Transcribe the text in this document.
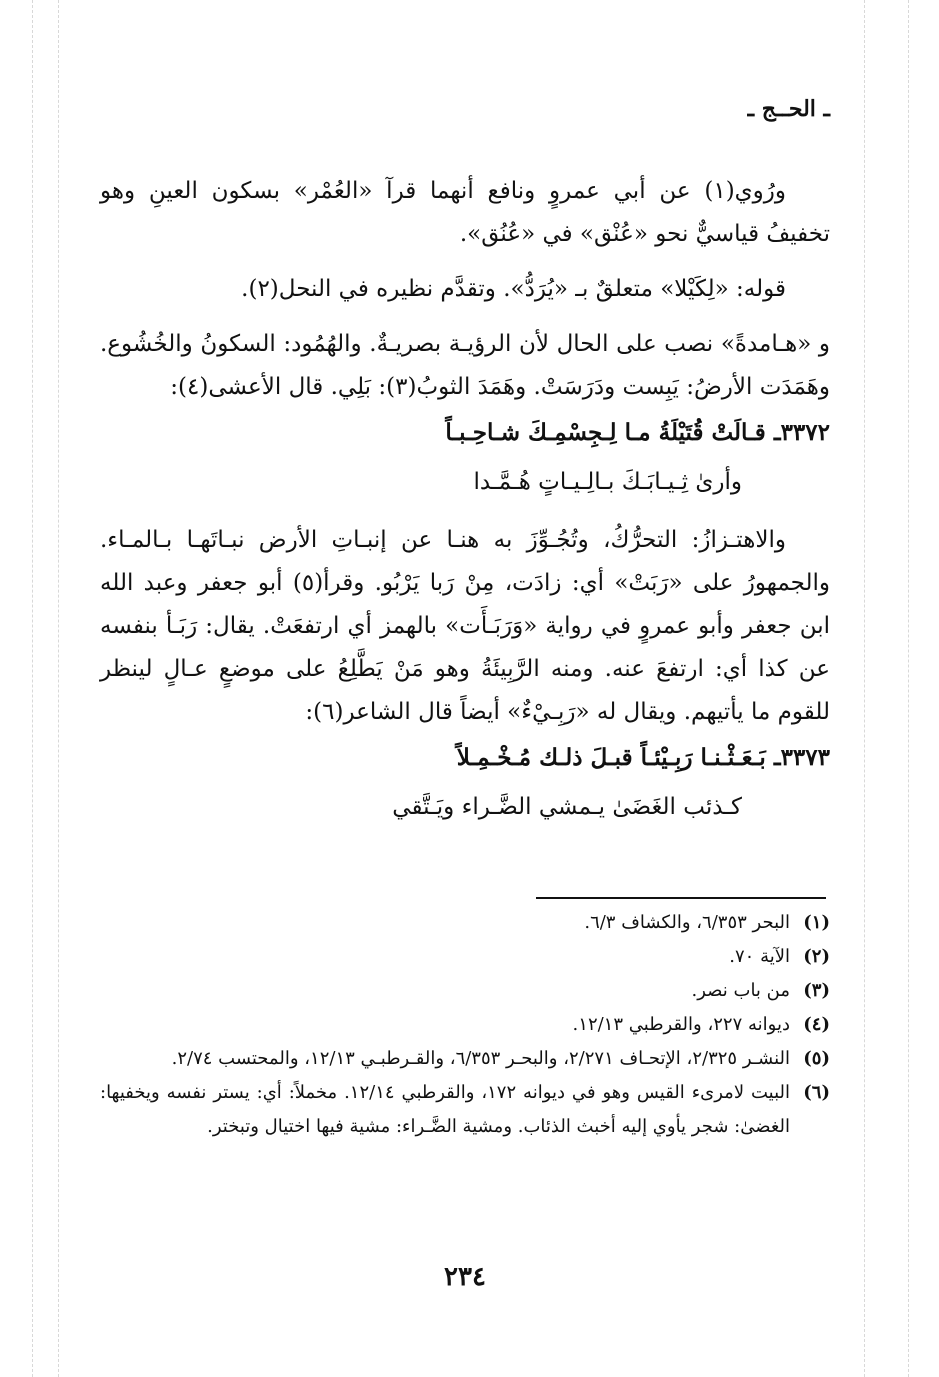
ـ الحــج ـ

ورُوي(١) عن أبي عمروٍ ونافع أنهما قرآ «العُمْر» بسكون العينِ وهو تخفيفُ قياسيٌّ نحو «عُنْق» في «عُنُق».

قوله: «لِكَيْلا» متعلقٌ بـ «يُرَدُّ». وتقدَّم نظيره في النحل(٢).

و «هـامدةً» نصب على الحال لأن الرؤيـة بصريـةٌ. والهُمُود: السكونُ والخُشُوع. وهَمَدَت الأرضُ: يَبِست ودَرَسَتْ. وهَمَدَ الثوبُ(٣): بَلِي. قال الأعشى(٤):

٣٣٧٢ـ قـالَتْ قُتَيْلَةُ مـا لِـجِسْمِـكَ شـاحِـبـاً

وأرىٰ ثِـيـابَـكَ بـالِـيـاتٍ هُـمَّـدا

والاهتـزازُ: التحرُّكُ، وتُجُـوِّزَ به هنـا عن إنبـاتِ الأرض نبـاتَهـا بـالمـاء. والجمهورُ على «رَبَتْ» أي: زادَت، مِنْ رَبا يَرْبُو. وقرأ(٥) أبو جعفر وعبد الله ابن جعفر وأبو عمروٍ في رواية «وَرَبَـأَت» بالهمز أي ارتفعَتْ. يقال: رَبَـأ بنفسه عن كذا أي: ارتفعَ عنه. ومنه الرَّبِيئَةُ وهو مَنْ يَطَّلِعُ على موضعٍ عـالٍ لينظر للقوم ما يأتيهم. ويقال له «رَبِـيْءٌ» أيضاً قال الشاعر(٦):

٣٣٧٣ـ بَـعَـثْـنـا رَبِـيْئـاً قبـلَ ذلـك مُـخْـمِـلاً

كـذئب الغَضَىٰ يـمشي الضَّـراء ويَـتَّقي

(١)
البحر ٦/٣٥٣، والكشاف ٦/٣.
(٢)
الآية ٧٠.
(٣)
من باب نصر.
(٤)
ديوانه ٢٢٧، والقرطبي ١٢/١٣.
(٥)
النشـر ٢/٣٢٥، الإتحـاف ٢/٢٧١، والبحـر ٦/٣٥٣، والقـرطبـي ١٢/١٣، والمحتسب ٢/٧٤.
(٦)
البيت لامرىء القيس وهو في ديوانه ١٧٢، والقرطبي ١٢/١٤. مخملاً: أي: يستر نفسه ويخفيها: الغضىٰ: شجر يأوي إليه أخبث الذئاب. ومشية الضَّـراء: مشية فيها اختيال وتبختر.
٢٣٤
